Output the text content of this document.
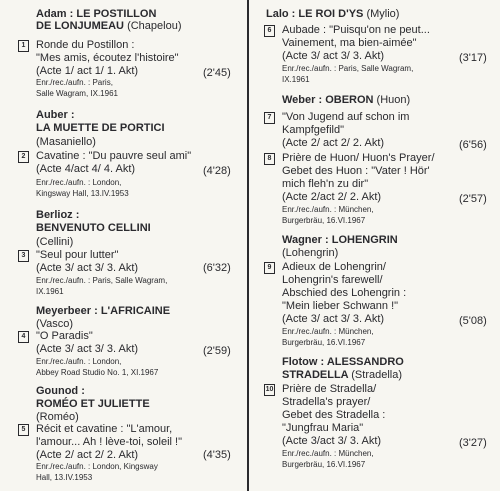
Adam : LE POSTILLON
DE LONJUMEAU (Chapelou)
1 Ronde du Postillon :
"Mes amis, écoutez l'histoire"
(Acte 1/ act 1/ 1. Akt)	(2'45)
Enr./rec./aufn. : Paris,
Salle Wagram, IX.1961
Auber :
LA MUETTE DE PORTICI
(Masaniello)
2 Cavatine : "Du pauvre seul ami"
(Acte 4/act 4/ 4. Akt)	(4'28)
Enr./rec./aufn. : London,
Kingsway Hall, 13.IV.1953
Berlioz :
BENVENUTO CELLINI
(Cellini)
3 "Seul pour lutter"
(Acte 3/ act 3/ 3. Akt)	(6'32)
Enr./rec./aufn. : Paris, Salle Wagram,
IX.1961
Meyerbeer : L'AFRICAINE
(Vasco)
4 "O Paradis"
(Acte 3/ act 3/ 3. Akt)	(2'59)
Enr./rec./aufn. : London,
Abbey Road Studio No. 1, XI.1967
Gounod :
ROMÉO ET JULIETTE
(Roméo)
5 Récit et cavatine : "L'amour,
l'amour... Ah ! lève-toi, soleil !"
(Acte 2/ act 2/ 2. Akt)	(4'35)
Enr./rec./aufn. : London, Kingsway
Hall, 13.IV.1953
Lalo : LE ROI D'YS (Mylio)
6 Aubade : "Puisqu'on ne peut...
Vainement, ma bien-aimée"
(Acte 3/ act 3/ 3. Akt)	(3'17)
Enr./rec./aufn. : Paris, Salle Wagram,
IX.1961
Weber : OBERON (Huon)
7 "Von Jugend auf schon im
Kampfgefild"
(Acte 2/ act 2/ 2. Akt)	(6'56)
8 Prière de Huon/ Huon's Prayer/
Gebet des Huon : "Vater ! Hör'
mich fleh'n zu dir"
(Acte 2/act 2/ 2. Akt)	(2'57)
Enr./rec./aufn. : München,
Burgerbräu, 16.VI.1967
Wagner : LOHENGRIN
(Lohengrin)
9 Adieux de Lohengrin/
Lohengrin's farewell/
Abschied des Lohengrin :
"Mein lieber Schwann !"
(Acte 3/ act 3/ 3. Akt)	(5'08)
Enr./rec./aufn. : München,
Burgerbräu, 16.VI.1967
Flotow : ALESSANDRO
STRADELLA (Stradella)
10 Prière de Stradella/
Stradella's prayer/
Gebet des Stradella :
"Jungfrau Maria"
(Acte 3/act 3/ 3. Akt)	(3'27)
Enr./rec./aufn. : München,
Burgerbräu, 16.VI.1967
